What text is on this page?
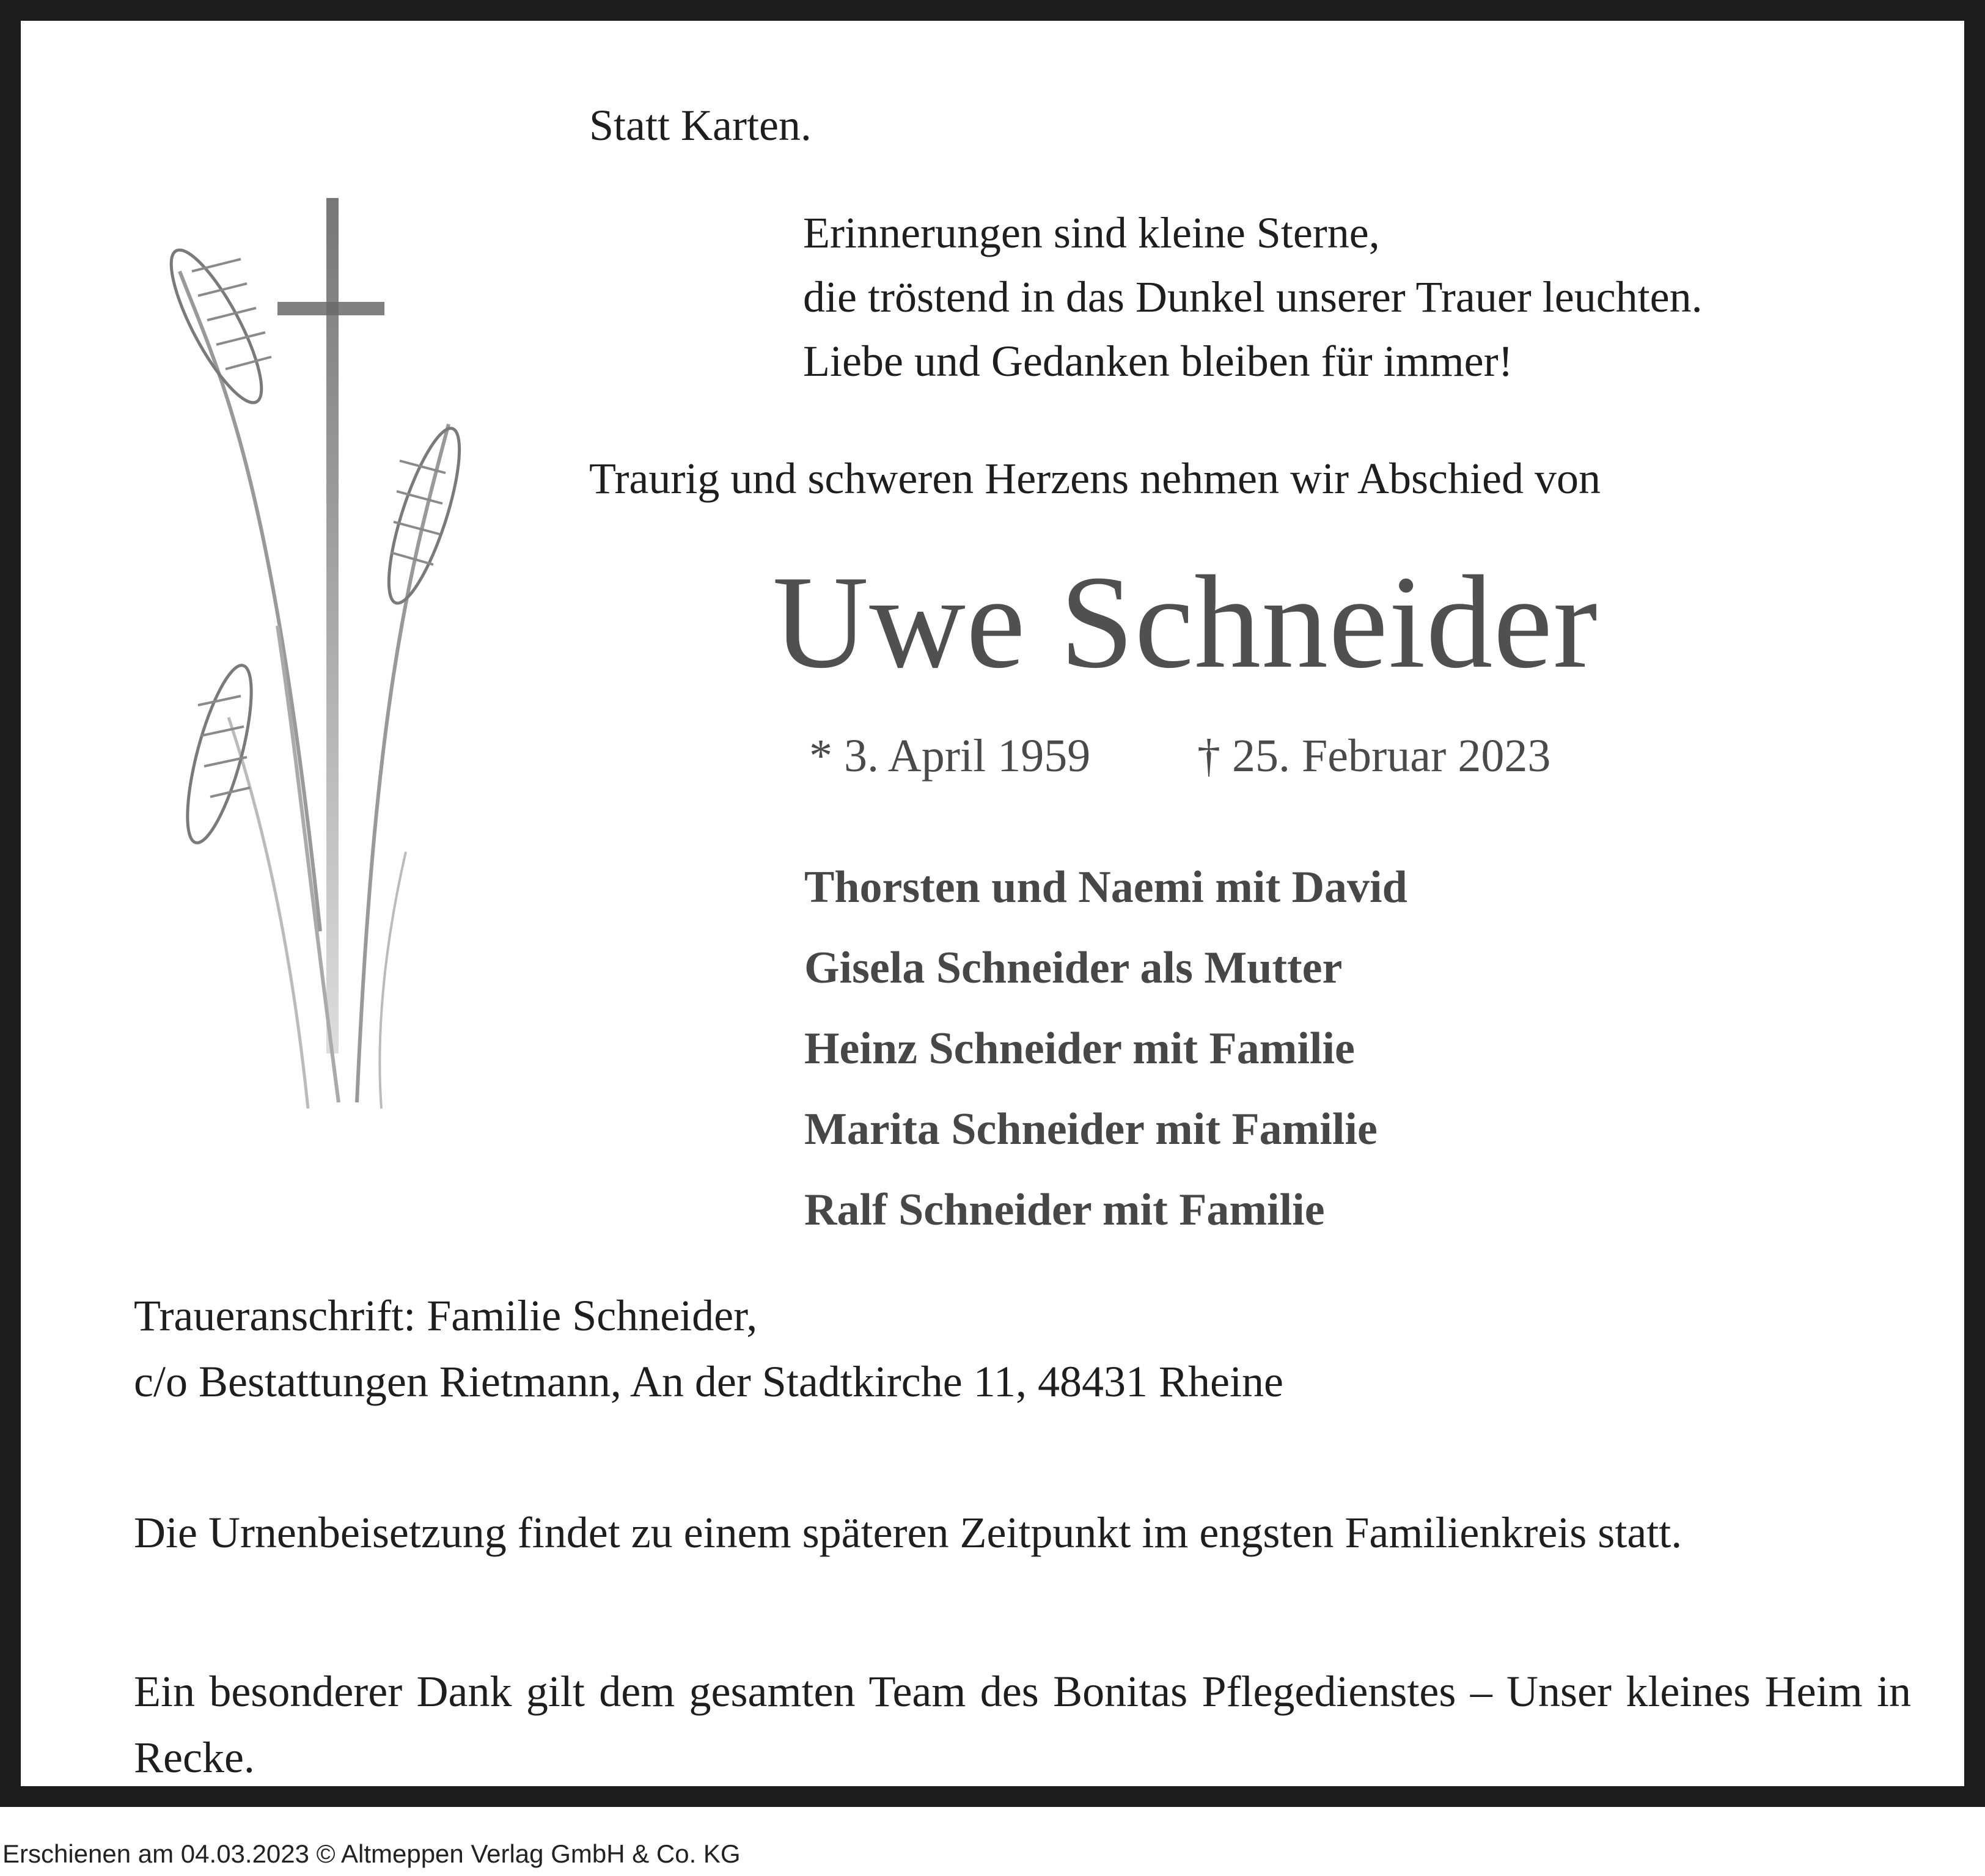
Statt Karten.

Erinnerungen sind kleine Sterne,
die tröstend in das Dunkel unserer Trauer leuchten.
Liebe und Gedanken bleiben für immer!

Traurig und schweren Herzens nehmen wir Abschied von

Uwe Schneider

* 3. April 1959 † 25. Februar 2023

Thorsten und Naemi mit David
Gisela Schneider als Mutter
Heinz Schneider mit Familie
Marita Schneider mit Familie
Ralf Schneider mit Familie
Traueranschrift: Familie Schneider,
c/o Bestattungen Rietmann, An der Stadtkirche 11, 48431 Rheine

Die Urnenbeisetzung findet zu einem späteren Zeitpunkt im engsten Familienkreis statt.

Ein besonderer Dank gilt dem gesamten Team des Bonitas Pflegedienstes – Unser kleines Heim in Recke.

Erschienen am 04.03.2023 © Altmeppen Verlag GmbH & Co. KG
